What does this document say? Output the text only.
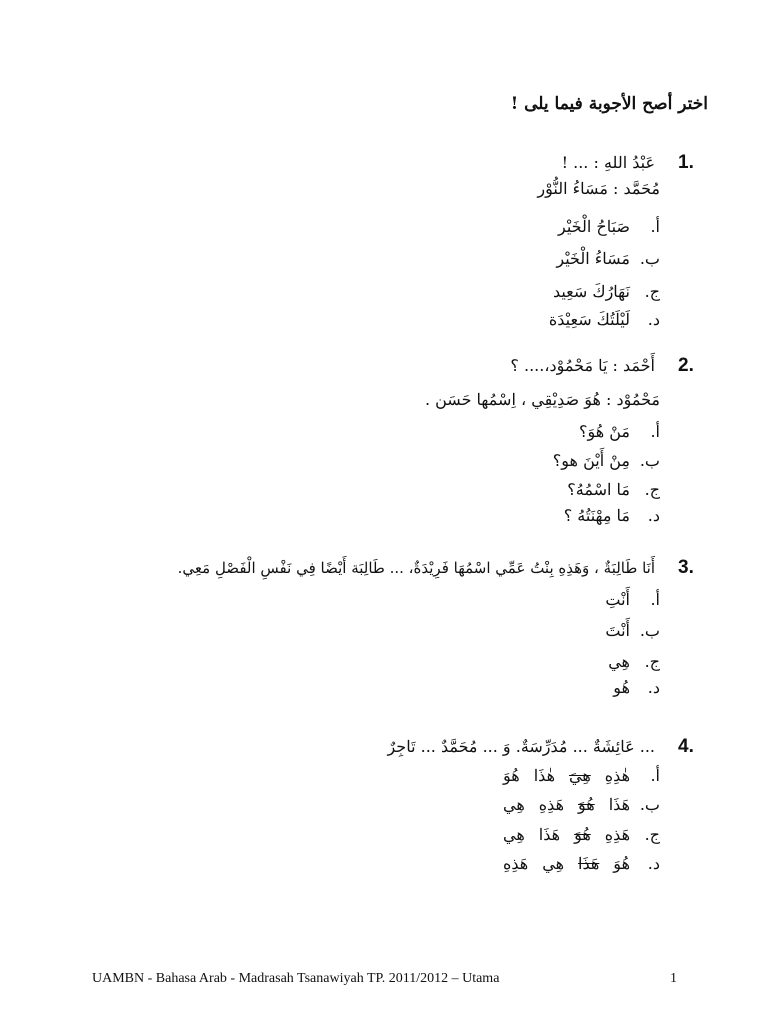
اختر أصح الأجوبة فيما يلى !
1.
عَبْدُ اللهِ : ... !
مُحَمَّد : مَسَاءُ النُّوْر
أ.صَبَاحُ الْخَيْر
ب.مَسَاءُ الْخَيْر
ج.نَهَارُكَ سَعِيد
د.لَيْلَتُكَ سَعِيْدَة
2.
أَحْمَد : يَا مَحْمُوْد،.... ؟
مَحْمُوْد : هُوَ صَدِيْقِي ، اِسْمُها حَسَن .
أ.مَنْ هُوَ؟
ب.مِنْ أَيْنَ هو؟
ج.مَا اسْمُهُ؟
د.مَا مِهْنَتُهُ ؟
3.
أَنَا طَالِبَةٌ ، وَهَذِهِ بِنْتُ عَمِّي اسْمُهَا فَرِيْدَةٌ، ... طَالِبَة أَيْضًا فِي نَفْسِ الْفَصْلِ مَعِي.
أ.أَنْتِ
ب.أَنْتَ
ج.هِي
د.هُو
4.
... عَائِشَةٌ ... مُدَرِّسَةٌ. وَ ... مُحَمَّدٌ ... تَاجِرٌ
أ.هٰذِهِهِيَهٰذَاهُوَ
ب.هَذَاهُوَهَذِهِهِي
ج.هَذِهِهُوَهَذَاهِي
د.هُوَهَذَاهِيهَذِهِ
UAMBN - Bahasa Arab - Madrasah Tsanawiyah TP. 2011/2012 – Utama	1
